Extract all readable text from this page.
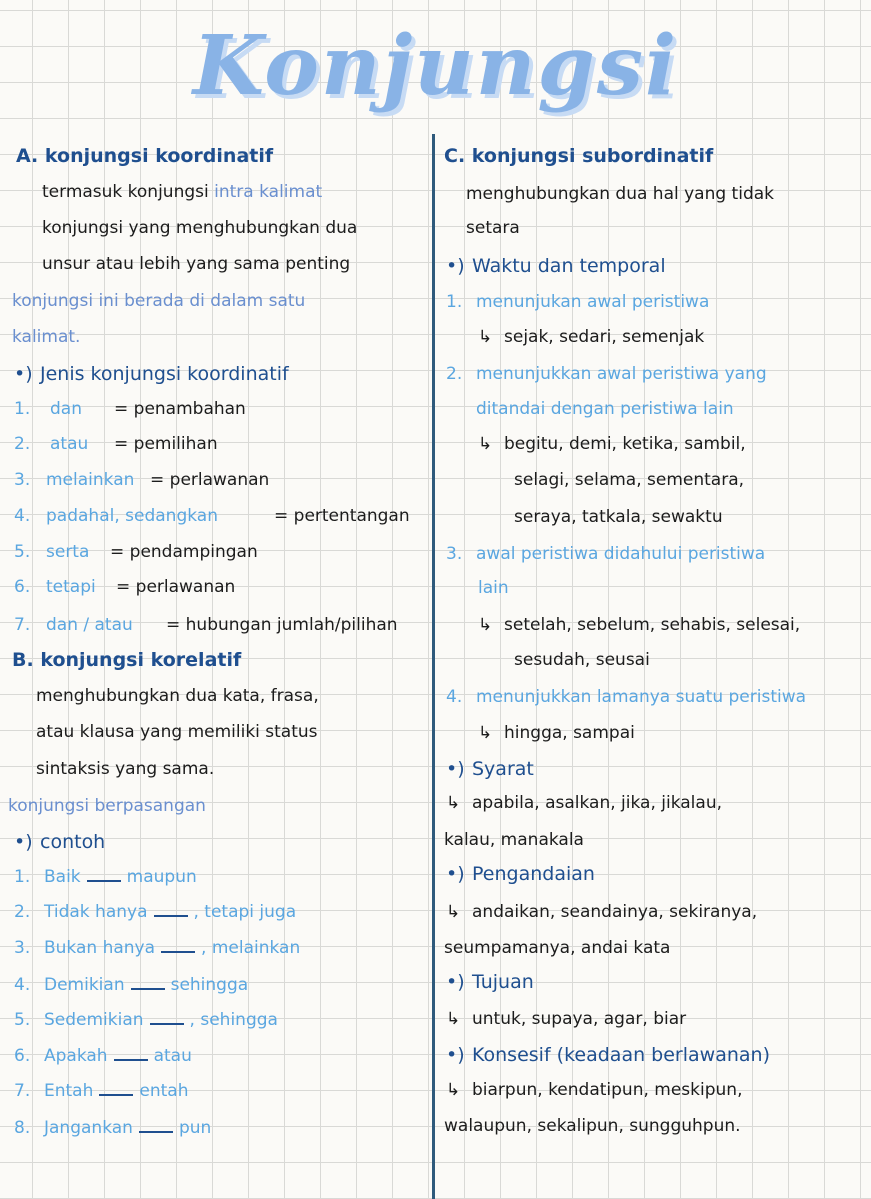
Konjungsi
A. konjungsi koordinatif
termasuk konjungsi intra kalimat
konjungsi yang menghubungkan dua
unsur atau lebih yang sama penting
konjungsi ini berada di dalam satu
kalimat.
•) Jenis konjungsi koordinatif
1. dan = penambahan
2. atau = pemilihan
3. melainkan = perlawanan
4. padahal, sedangkan	= pertentangan
5. serta = pendampingan
6. tetapi = perlawanan
7. dan / atau = hubungan jumlah/pilihan
B. konjungsi korelatif
menghubungkan dua kata, frasa,
atau klausa yang memiliki status
sintaksis yang sama.
konjungsi berpasangan
•) contoh
1. Baik	maupun
2. Tidak hanya	, tetapi juga
3. Bukan hanya	, melainkan
4. Demikian	sehingga
5. Sedemikian	, sehingga
6. Apakah	atau
7. Entah	entah
8. Jangankan	pun
C. konjungsi subordinatif
menghubungkan dua hal yang tidak
setara
•) Waktu dan temporal
1. menunjukan awal peristiwa
↳ sejak, sedari, semenjak
2. menunjukkan awal peristiwa yang
ditandai dengan peristiwa lain
↳ begitu, demi, ketika, sambil,
selagi, selama, sementara,
seraya, tatkala, sewaktu
3. awal peristiwa didahului peristiwa
lain
↳ setelah, sebelum, sehabis, selesai,
sesudah, seusai
4. menunjukkan lamanya suatu peristiwa
↳ hingga, sampai
•) Syarat
↳ apabila, asalkan, jika, jikalau,
kalau, manakala
•) Pengandaian
↳ andaikan, seandainya, sekiranya,
seumpamanya, andai kata
•) Tujuan
↳ untuk, supaya, agar, biar
•) Konsesif (keadaan berlawanan)
↳ biarpun, kendatipun, meskipun,
walaupun, sekalipun, sungguhpun.
